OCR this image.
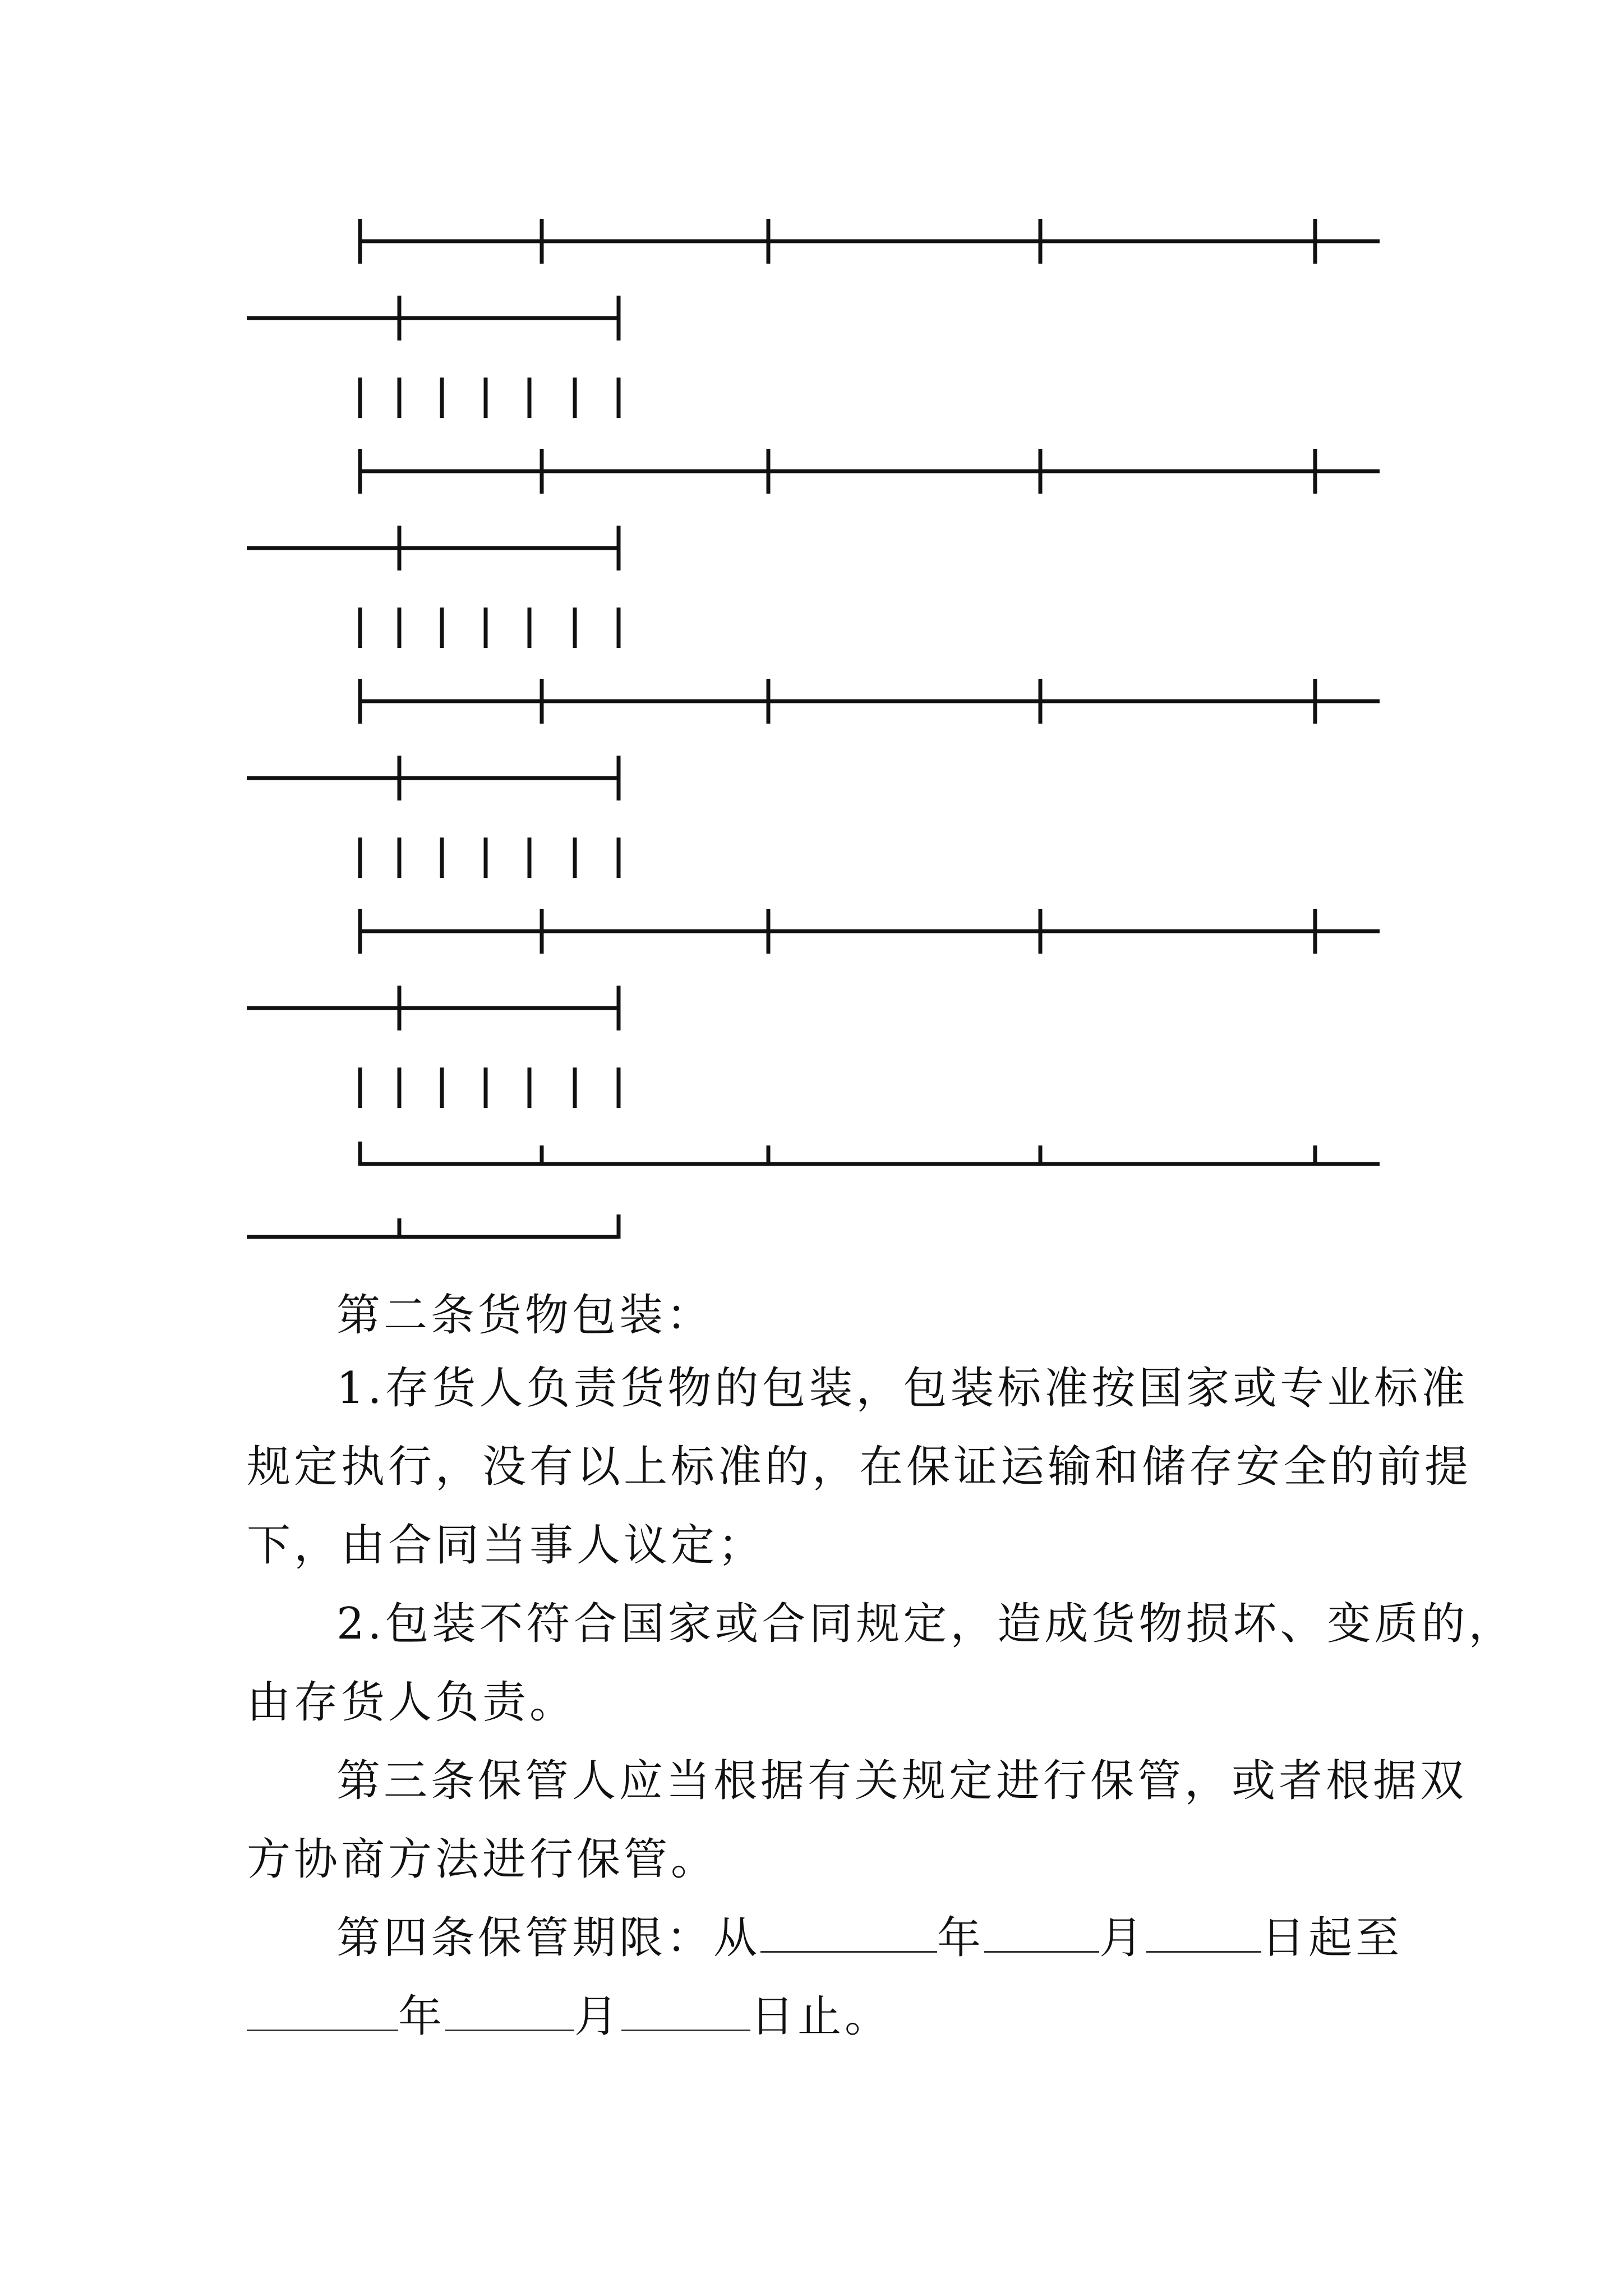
第二条货物包装：
1.存货人负责货物的包装，包装标准按国家或专业标准
规定执行，没有以上标准的，在保证运输和储存安全的前提
下，由合同当事人议定；
2.包装不符合国家或合同规定，造成货物损坏、变质的，
由存货人负责。
第三条保管人应当根据有关规定进行保管，或者根据双
方协商方法进行保管。
第四条保管期限：从	年	月	日起至
年	月	日止。
